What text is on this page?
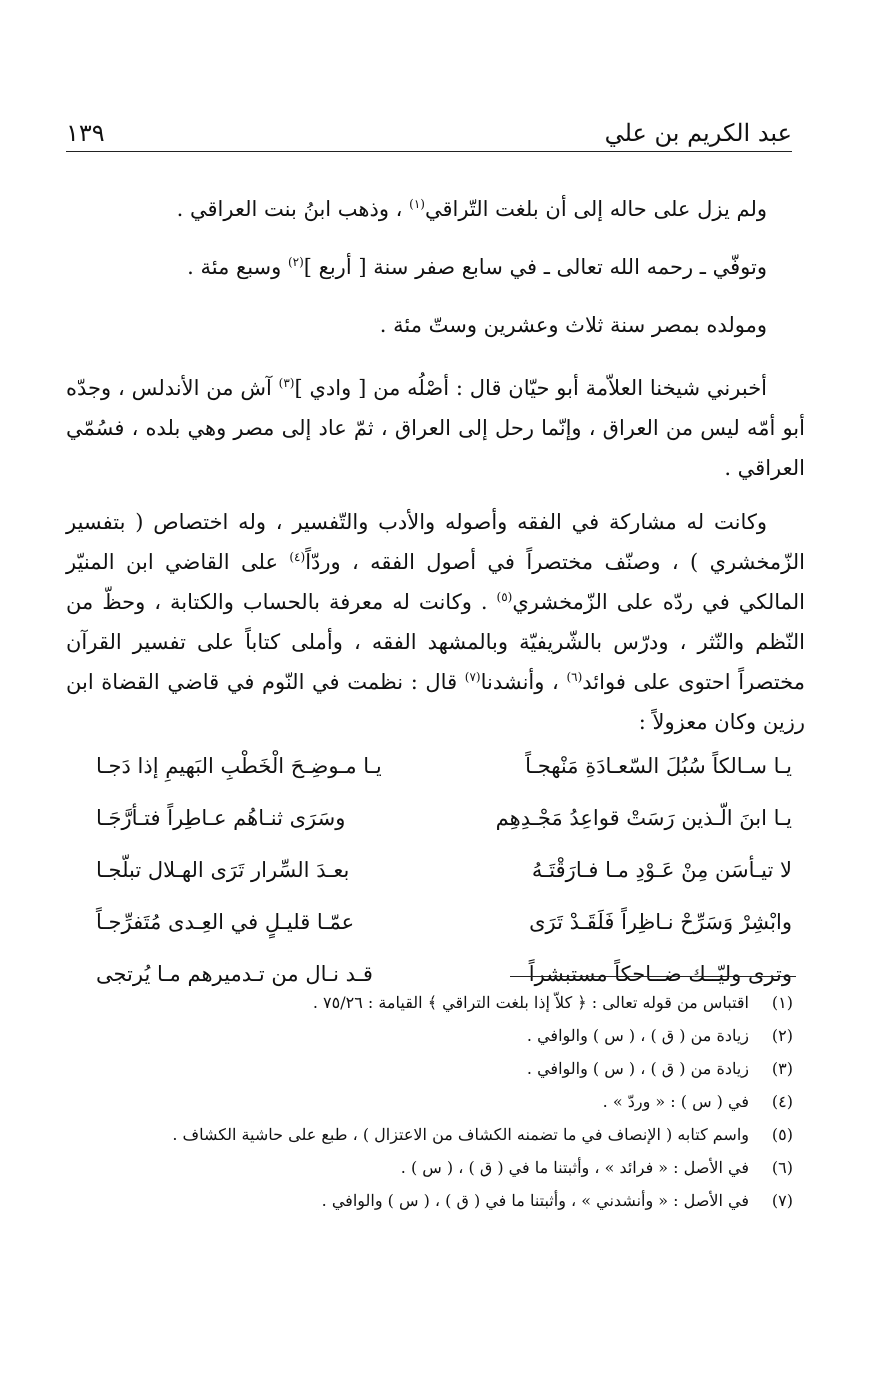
عبد الكريم بن علي
١٣٩

ولم يزل على حاله إلى أن بلغت التّراقي$^{(١)}$ ، وذهب ابنُ بنت العراقي .

وتوفّي ـ رحمه الله تعالى ـ في سابع صفر سنة [ أربع ]$^{(٢)}$ وسبع مئة .

ومولده بمصر سنة ثلاث وعشرين وستّ مئة .

أخبرني شيخنا العلاّمة أبو حيّان قال : أصْلُه من [ وادي ]$^{(٣)}$ آش من الأندلس ، وجدّه أبو أمّه ليس من العراق ، وإنّما رحل إلى العراق ، ثمّ عاد إلى مصر وهي بلده ، فسُمّي العراقي .

وكانت له مشاركة في الفقه وأصوله والأدب والتّفسير ، وله اختصاص ( بتفسير الزّمخشري ) ، وصنّف مختصراً في أصول الفقه ، وردّاً$^{(٤)}$ على القاضي ابن المنيّر المالكي في ردّه على الزّمخشري$^{(٥)}$ . وكانت له معرفة بالحساب والكتابة ، وحظّ من النّظم والنّثر ، ودرّس بالشّريفيّة وبالمشهد الفقه ، وأملى كتاباً على تفسير القرآن مختصراً احتوى على فوائد$^{(٦)}$ ، وأنشدنا$^{(٧)}$ قال : نظمت في النّوم في قاضي القضاة ابن رزين وكان معزولاً :

يـا سـالكاً سُبُلَ السّعـادَةِ مَنْهجـاً
يـا مـوضِـحَ الْخَطْبِ البَهيمِ إذا دَجـا
يـا ابنَ الّـذين رَسَتْ قواعِدُ مَجْـدِهِم
وسَرَى ثنـاهُم عـاطِراً فتـأرَّجَـا
لا تيـأسَن مِنْ عَـوْدِ مـا فـارَقْتَـهُ
بعـدَ السِّرار تَرَى الهـلال تبلّجـا
وابْشِرْ وَسَرِّحْ نـاظِراً فَلَقَـدْ تَرَى
عمّـا قليـلٍ في العِـدى مُتَفرِّجـاً
وترى وليّــك ضــاحكاً مستبشراً
قـد نـال من تـدميرهم مـا يُرتجى
(١)
اقتباس من قوله تعالى : ﴿ كلاّ إذا بلغت التراقي ﴾ القيامة : ٧٥/٢٦ .
(٢)
زيادة من ( ق ) ، ( س ) والوافي .
(٣)
زيادة من ( ق ) ، ( س ) والوافي .
(٤)
في ( س ) : « وردّ » .
(٥)
واسم كتابه ( الإنصاف في ما تضمنه الكشاف من الاعتزال ) ، طبع على حاشية الكشاف .
(٦)
في الأصل : « فرائد » ، وأثبتنا ما في ( ق ) ، ( س ) .
(٧)
في الأصل : « وأنشدني » ، وأثبتنا ما في ( ق ) ، ( س ) والوافي .
